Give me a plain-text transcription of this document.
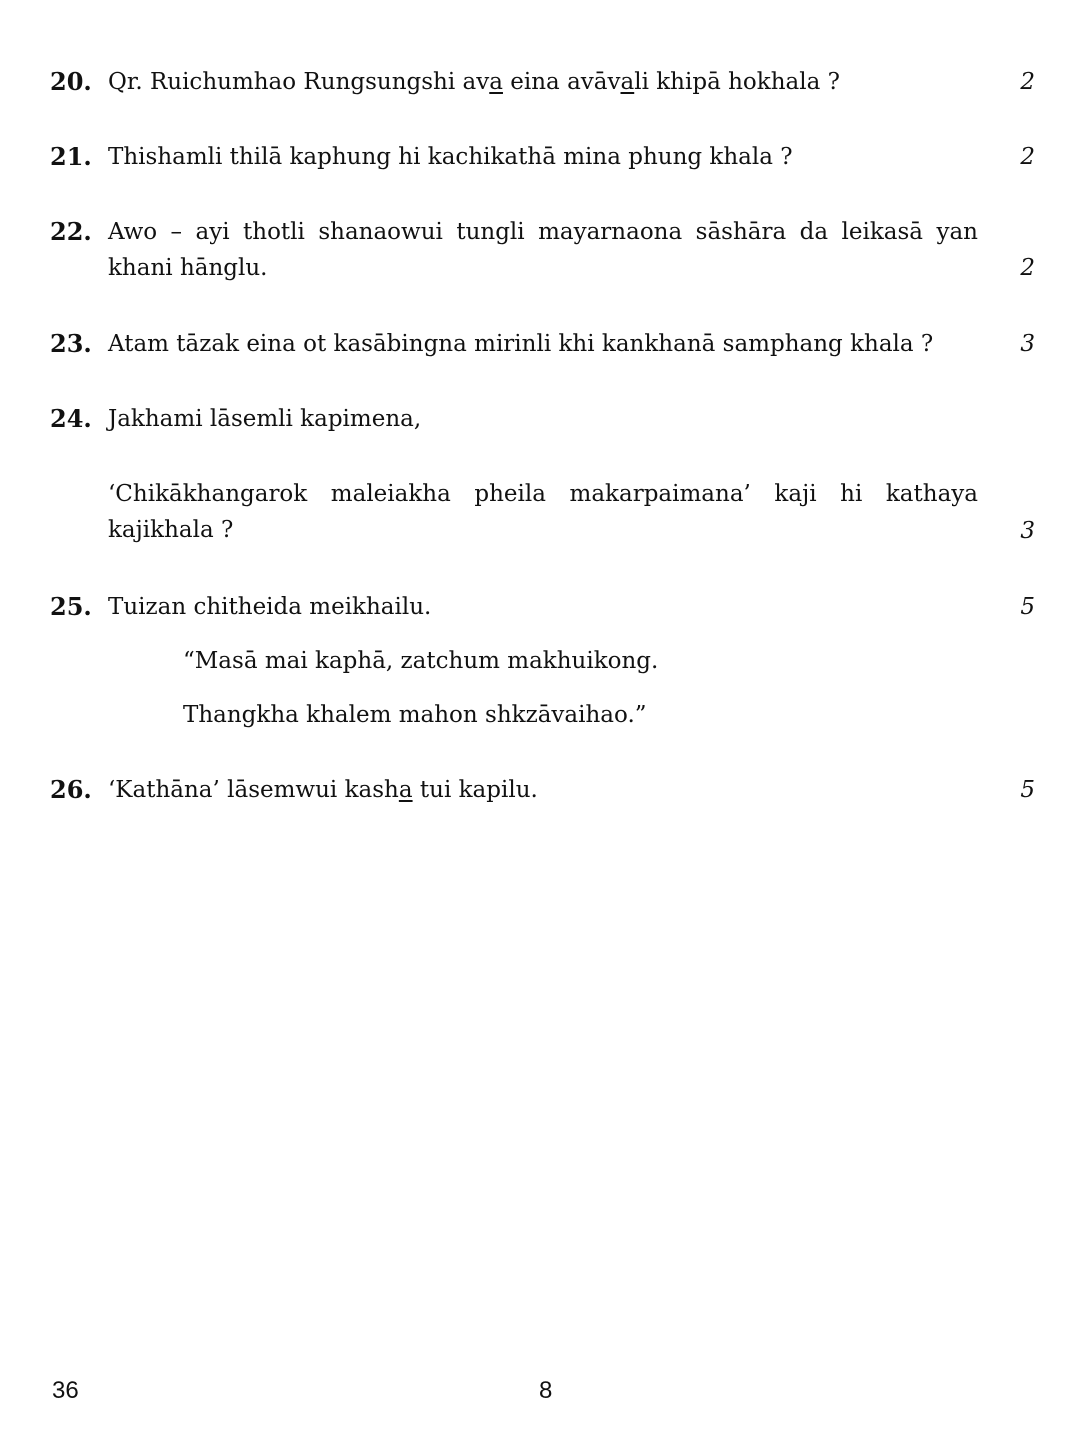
20. Qr. Ruichumhao Rungsungshi ava eina avāvali khipā hokhala ?	2
21. Thishamli thilā kaphung hi kachikathā mina phung khala ?	2
22. Awo – ayi thotli shanaowui tungli mayarnaona sāshāra da leikasā yan
khani hānglu.	2
23. Atam tāzak eina ot kasābingna mirinli khi kankhanā samphang khala ?	3
24. Jakhami lāsemli kapimena,
‘Chikākhangarok maleiakha pheila makarpaimana’ kaji hi kathaya
kajikhala ?	3
25. Tuizan chitheida meikhailu.	5
“Masā mai kaphā, zatchum makhuikong.
Thangkha khalem mahon shkzāvaihao.”
26. ‘Kathāna’ lāsemwui kasha tui kapilu.	5
36	8
